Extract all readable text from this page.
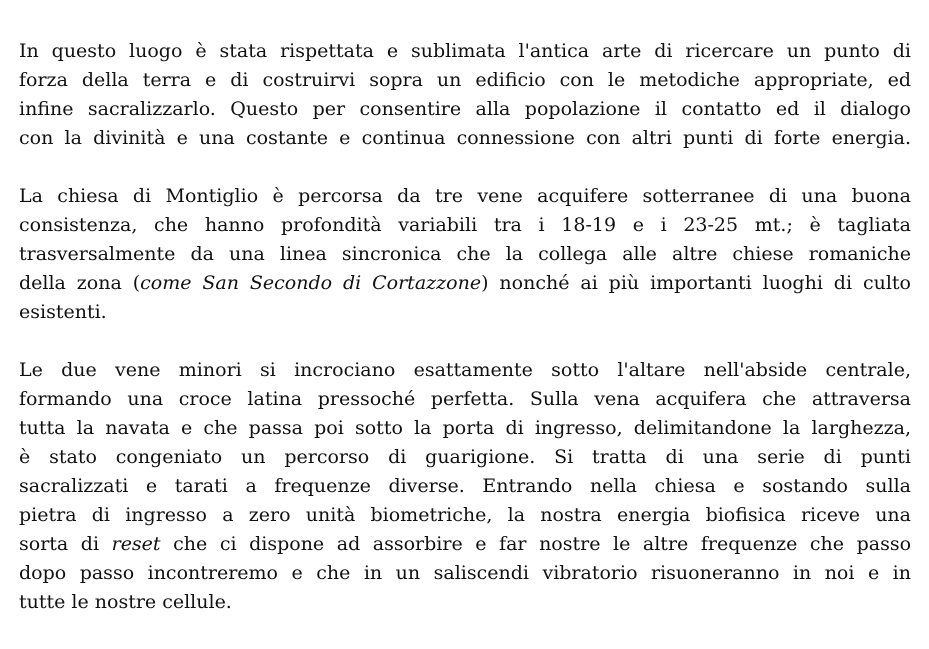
In questo luogo è stata rispettata e sublimata l'antica arte di ricercare un punto di
forza della terra e di costruirvi sopra un edificio con le metodiche appropriate, ed
infine sacralizzarlo. Questo per consentire alla popolazione il contatto ed il dialogo
con la divinità e una costante e continua connessione con altri punti di forte energia.

La chiesa di Montiglio è percorsa da tre vene acquifere sotterranee di una buona
consistenza, che hanno profondità variabili tra i 18-19 e i 23-25 mt.; è tagliata
trasversalmente da una linea sincronica che la collega alle altre chiese romaniche
della zona (come San Secondo di Cortazzone) nonché ai più importanti luoghi di culto
esistenti.

Le due vene minori si incrociano esattamente sotto l'altare nell'abside centrale,
formando una croce latina pressoché perfetta. Sulla vena acquifera che attraversa
tutta la navata e che passa poi sotto la porta di ingresso, delimitandone la larghezza,
è stato congeniato un percorso di guarigione. Si tratta di una serie di punti
sacralizzati e tarati a frequenze diverse. Entrando nella chiesa e sostando sulla
pietra di ingresso a zero unità biometriche, la nostra energia biofisica riceve una
sorta di reset che ci dispone ad assorbire e far nostre le altre frequenze che passo
dopo passo incontreremo e che in un saliscendi vibratorio risuoneranno in noi e in
tutte le nostre cellule.
